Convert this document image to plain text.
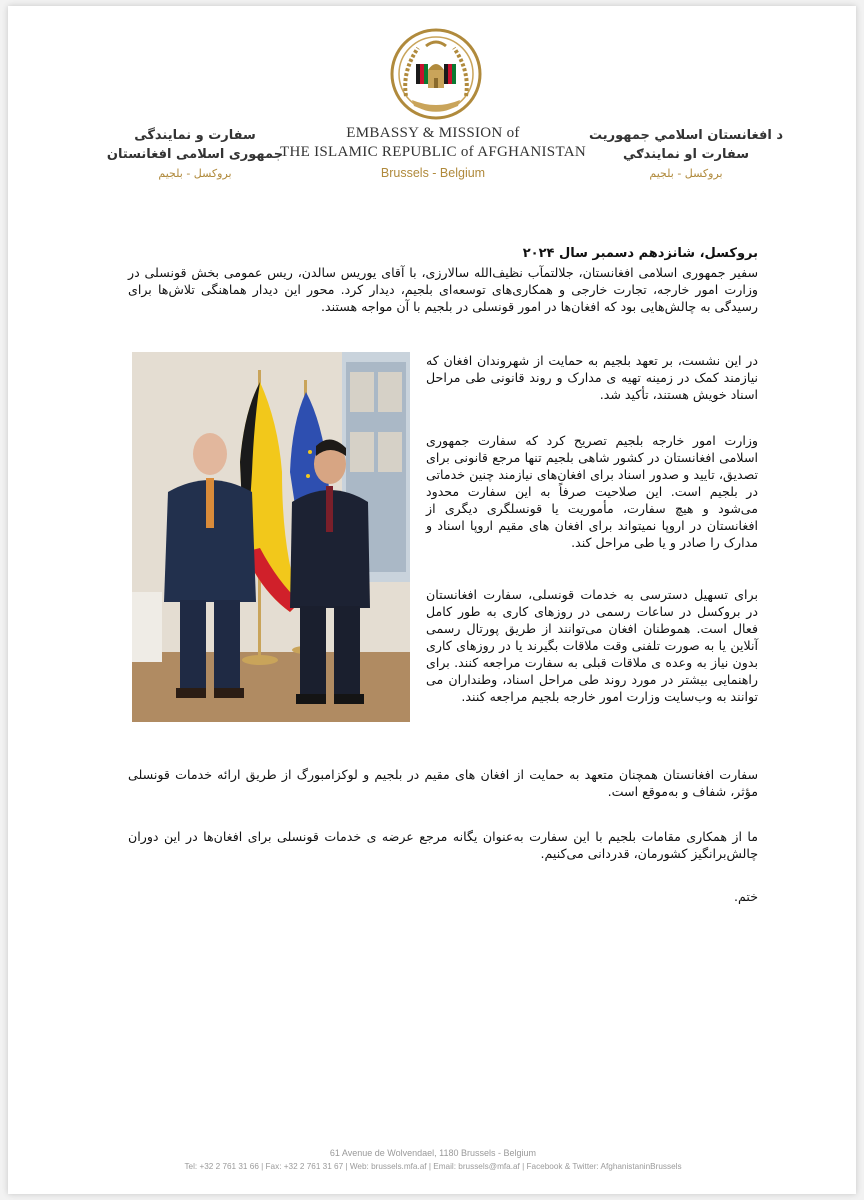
د افغانستان اسلامي جمهوریت
سفارت او نمایندګي
بروکسل - بلجيم
EMBASSY & MISSION of
THE ISLAMIC REPUBLIC of AFGHANISTAN
Brussels - Belgium
سفارت و نمایندگی
جمهوری اسلامی افغانستان
بروکسل - بلجيم
بروکسل، شانزدهم دسمبر سال ۲۰۲۴
سفیر جمهوری اسلامی افغانستان، جلالتمآب نظیف‌الله سالارزی، با آقای یوریس سالدن، ریس عمومی بخش قونسلی در وزارت امور خارجه، تجارت خارجی و همکاری‌های توسعه‌ای بلجیم، دیدار کرد. محور این دیدار هماهنگی تلاش‌ها برای رسیدگی به چالش‌هایی بود که افغان‌ها در امور قونسلی در بلجیم با آن مواجه هستند.
در این نشست، بر تعهد بلجیم به حمایت از شهروندان افغان که نیازمند کمک در زمینه تهیه ی مدارک و روند قانونی طی مراحل اسناد خویش هستند، تأکید شد.
وزارت امور خارجه بلجیم تصریح کرد که سفارت جمهوری اسلامی افغانستان در کشور شاهی بلجیم تنها مرجع قانونی برای تصدیق، تایید و صدور اسناد برای افغان‌های نیازمند چنین خدماتی در بلجیم است. این صلاحیت صرفاً به این سفارت محدود می‌شود و هیچ سفارت، مأموریت یا قونسلگری دیگری از افغانستان در اروپا نمیتواند برای افغان های مقیم اروپا اسناد و مدارک را صادر و یا طی مراحل کند.
برای تسهیل دسترسی به خدمات قونسلی، سفارت افغانستان در بروکسل در ساعات رسمی در روزهای کاری به طور کامل فعال است. هموطنان افغان می‌توانند از طریق پورتال رسمی آنلاین یا به صورت تلفنی وقت ملاقات بگیرند یا در روزهای کاری بدون نیاز به وعده ی ملاقات قبلی به سفارت مراجعه کنند. برای راهنمایی بیشتر در مورد روند طی مراحل اسناد، وطنداران می توانند به وب‌سایت وزارت امور خارجه بلجیم مراجعه کنند.
سفارت افغانستان همچنان متعهد به حمایت از افغان های مقیم در بلجیم و لوکزامبورگ از طریق ارائه خدمات قونسلی مؤثر، شفاف و به‌موقع است.
ما از همکاری مقامات بلجیم با این سفارت به‌عنوان یگانه مرجع عرضه ی خدمات قونسلی برای افغان‌ها در این دوران چالش‌برانگیز کشورمان، قدردانی می‌کنیم.
ختم.
61 Avenue de Wolvendael, 1180 Brussels - Belgium
Tel: +32 2 761 31 66 | Fax: +32 2 761 31 67 | Web: brussels.mfa.af | Email: brussels@mfa.af | Facebook & Twitter: AfghanistaninBrussels
